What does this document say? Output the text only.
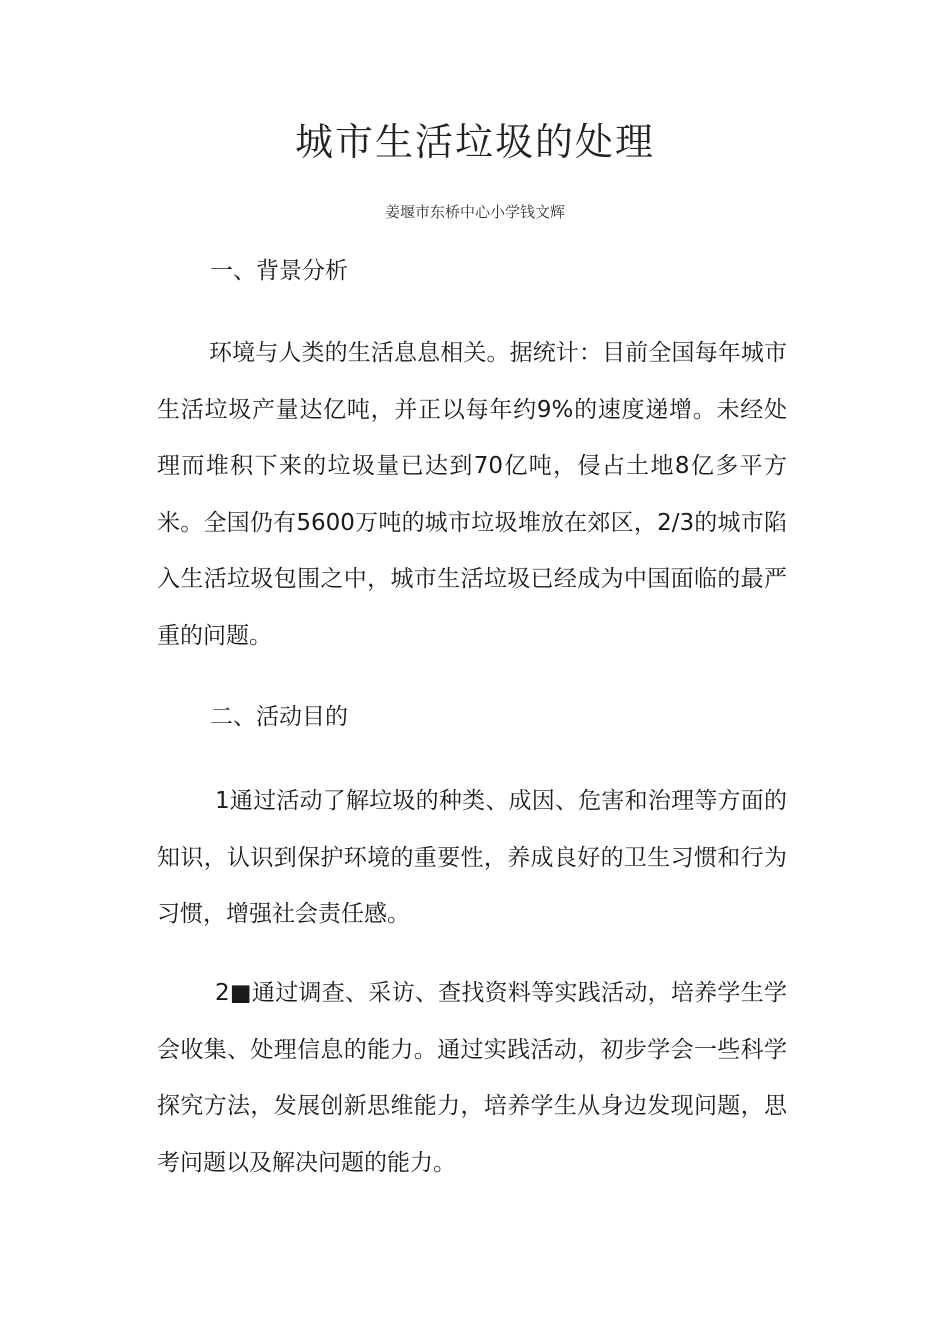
城市生活垃圾的处理
姜堰市东桥中心小学钱文辉
一、背景分析

环境与人类的生活息息相关。据统计：目前全国每年城市生活垃圾产量达亿吨，并正以每年约9%的速度递增。未经处理而堆积下来的垃圾量已达到70亿吨，侵占土地8亿多平方米。全国仍有5600万吨的城市垃圾堆放在郊区，2/3的城市陷入生活垃圾包围之中，城市生活垃圾已经成为中国面临的最严重的问题。

二、活动目的

1通过活动了解垃圾的种类、成因、危害和治理等方面的知识，认识到保护环境的重要性，养成良好的卫生习惯和行为习惯，增强社会责任感。

2■通过调查、采访、查找资料等实践活动，培养学生学会收集、处理信息的能力。通过实践活动，初步学会一些科学探究方法，发展创新思维能力，培养学生从身边发现问题，思考问题以及解决问题的能力。
